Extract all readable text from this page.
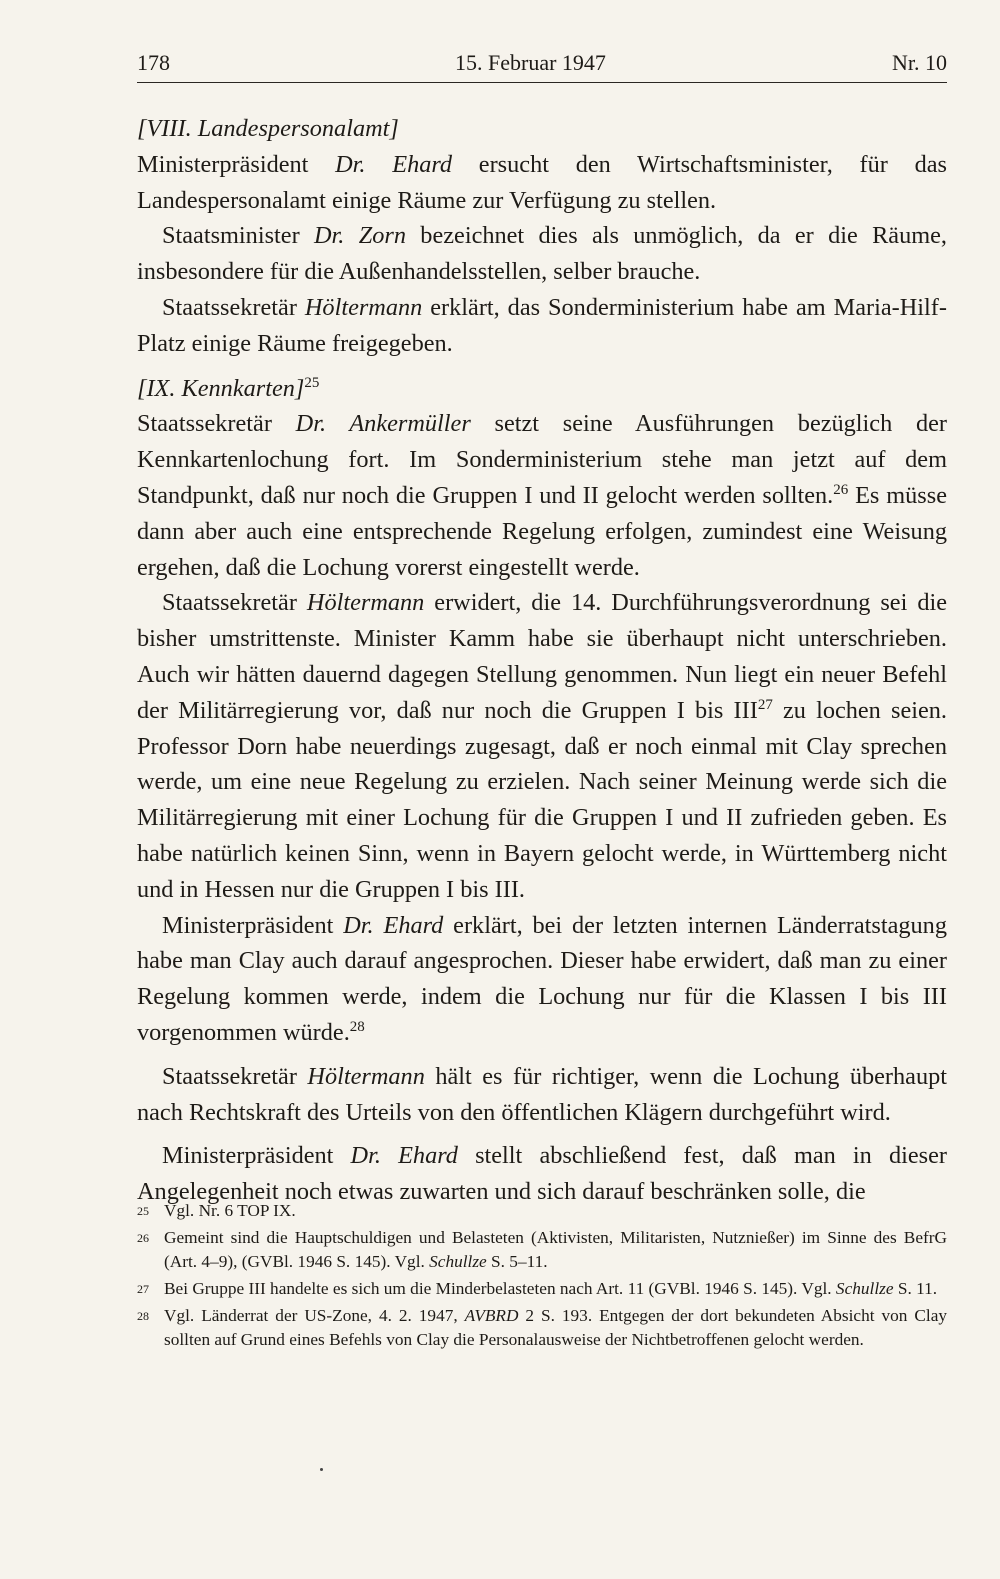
178	15. Februar 1947	Nr. 10

[VIII. Landespersonalamt]

Ministerpräsident Dr. Ehard ersucht den Wirtschaftsminister, für das Landespersonalamt einige Räume zur Verfügung zu stellen.

Staatsminister Dr. Zorn bezeichnet dies als unmöglich, da er die Räume, insbesondere für die Außenhandelsstellen, selber brauche.

Staatssekretär Höltermann erklärt, das Sonderministerium habe am Maria-Hilf-Platz einige Räume freigegeben.

[IX. Kennkarten]$^{25}$

Staatssekretär Dr. Ankermüller setzt seine Ausführungen bezüglich der Kennkartenlochung fort. Im Sonderministerium stehe man jetzt auf dem Standpunkt, daß nur noch die Gruppen I und II gelocht werden sollten.$^{26}$ Es müsse dann aber auch eine entsprechende Regelung erfolgen, zumindest eine Weisung ergehen, daß die Lochung vorerst eingestellt werde.

Staatssekretär Höltermann erwidert, die 14. Durchführungsverordnung sei die bisher umstrittenste. Minister Kamm habe sie überhaupt nicht unterschrieben. Auch wir hätten dauernd dagegen Stellung genommen. Nun liegt ein neuer Befehl der Militärregierung vor, daß nur noch die Gruppen I bis III$^{27}$ zu lochen seien. Professor Dorn habe neuerdings zugesagt, daß er noch einmal mit Clay sprechen werde, um eine neue Regelung zu erzielen. Nach seiner Meinung werde sich die Militärregierung mit einer Lochung für die Gruppen I und II zufrieden geben. Es habe natürlich keinen Sinn, wenn in Bayern gelocht werde, in Württemberg nicht und in Hessen nur die Gruppen I bis III.

Ministerpräsident Dr. Ehard erklärt, bei der letzten internen Länderratstagung habe man Clay auch darauf angesprochen. Dieser habe erwidert, daß man zu einer Regelung kommen werde, indem die Lochung nur für die Klassen I bis III vorgenommen würde.$^{28}$

Staatssekretär Höltermann hält es für richtiger, wenn die Lochung überhaupt nach Rechtskraft des Urteils von den öffentlichen Klägern durchgeführt wird.

Ministerpräsident Dr. Ehard stellt abschließend fest, daß man in dieser Angelegenheit noch etwas zuwarten und sich darauf beschränken solle, die

25 Vgl. Nr. 6 TOP IX.
26 Gemeint sind die Hauptschuldigen und Belasteten (Aktivisten, Militaristen, Nutznießer) im Sinne des BefrG (Art. 4–9), (GVBl. 1946 S. 145). Vgl. Schullze S. 5–11.
27 Bei Gruppe III handelte es sich um die Minderbelasteten nach Art. 11 (GVBl. 1946 S. 145). Vgl. Schullze S. 11.
28 Vgl. Länderrat der US-Zone, 4. 2. 1947, AVBRD 2 S. 193. Entgegen der dort bekundeten Absicht von Clay sollten auf Grund eines Befehls von Clay die Personalausweise der Nichtbetroffenen gelocht werden.
